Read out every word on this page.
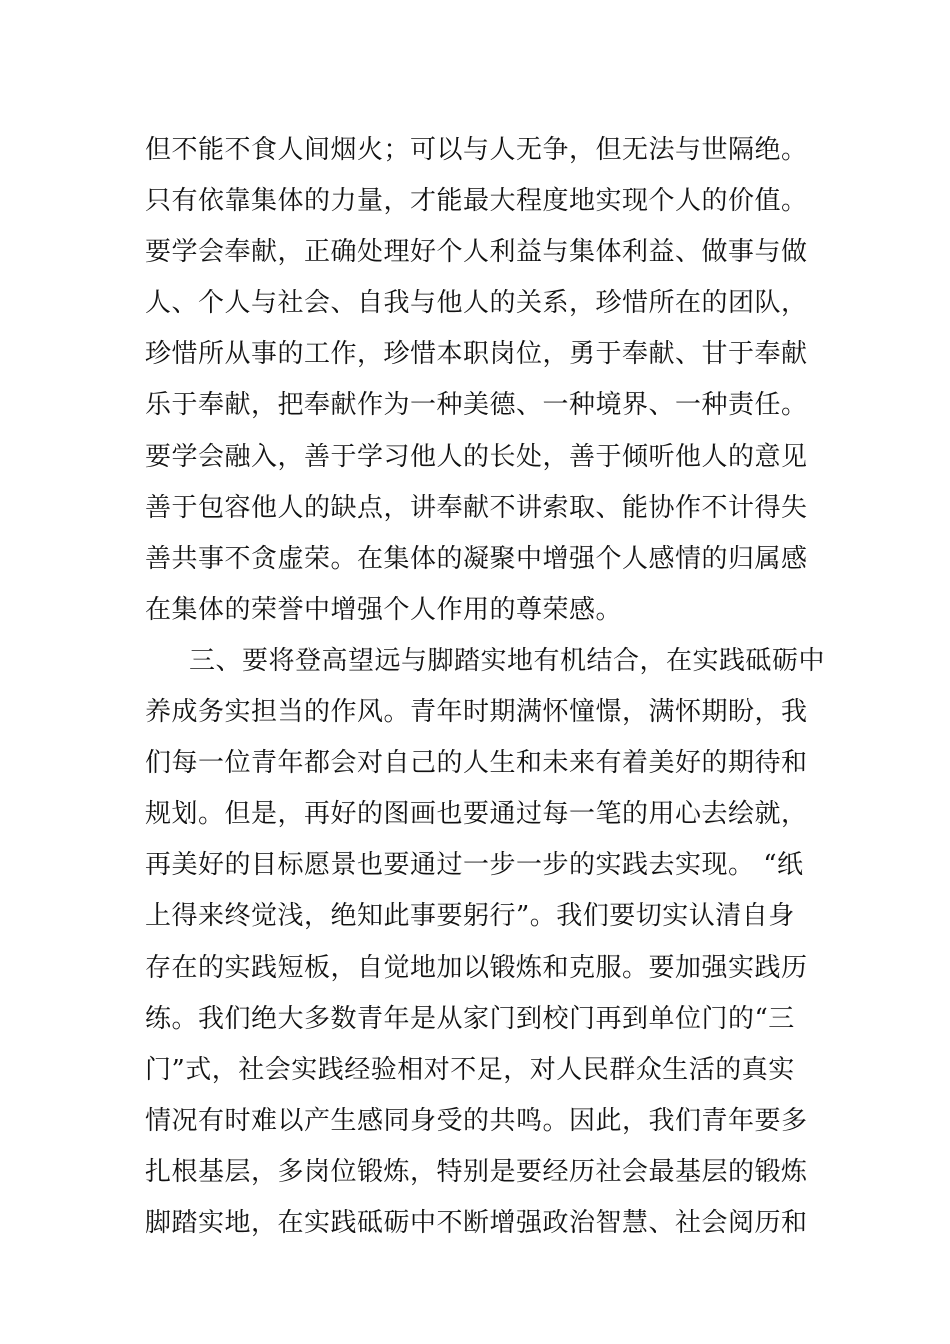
但不能不食人间烟火；可以与人无争，但无法与世隔绝。
只有依靠集体的力量，才能最大程度地实现个人的价值。
要学会奉献，正确处理好个人利益与集体利益、做事与做
人、个人与社会、自我与他人的关系，珍惜所在的团队，
珍惜所从事的工作，珍惜本职岗位，勇于奉献、甘于奉献
乐于奉献，把奉献作为一种美德、一种境界、一种责任。
要学会融入，善于学习他人的长处，善于倾听他人的意见
善于包容他人的缺点，讲奉献不讲索取、能协作不计得失
善共事不贪虚荣。在集体的凝聚中增强个人感情的归属感
在集体的荣誉中增强个人作用的尊荣感。
三、要将登高望远与脚踏实地有机结合，在实践砥砺中
养成务实担当的作风。青年时期满怀憧憬，满怀期盼，我
们每一位青年都会对自己的人生和未来有着美好的期待和
规划。但是，再好的图画也要通过每一笔的用心去绘就，
再美好的目标愿景也要通过一步一步的实践去实现。 “纸
上得来终觉浅，绝知此事要躬行”。我们要切实认清自身
存在的实践短板，自觉地加以锻炼和克服。要加强实践历
练。我们绝大多数青年是从家门到校门再到单位门的“三
门”式，社会实践经验相对不足，对人民群众生活的真实
情况有时难以产生感同身受的共鸣。因此，我们青年要多
扎根基层，多岗位锻炼，特别是要经历社会最基层的锻炼
脚踏实地，在实践砥砺中不断增强政治智慧、社会阅历和
